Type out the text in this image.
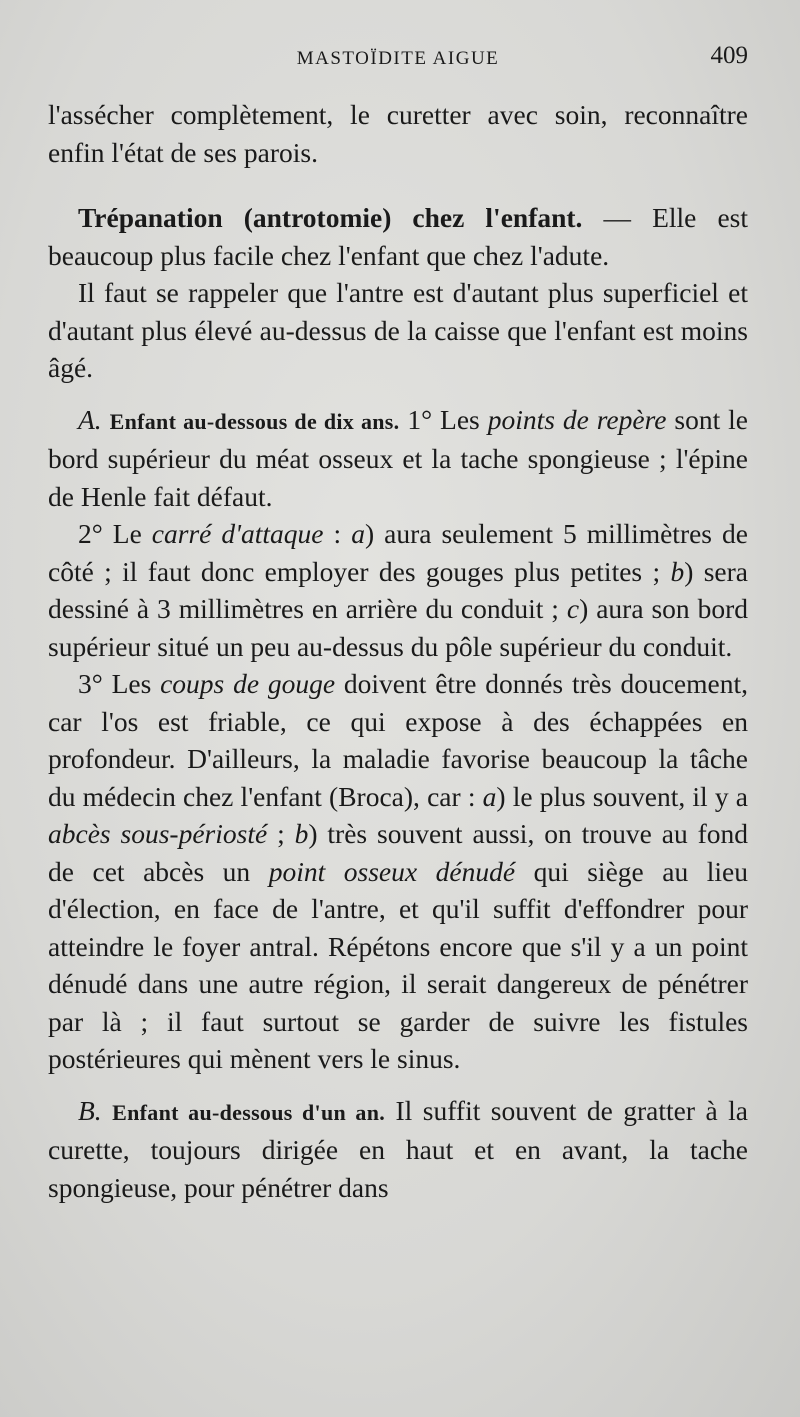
MASTOÏDITE AIGUE	409

l'assécher complètement, le curetter avec soin, reconnaître enfin l'état de ses parois.

Trépanation (antrotomie) chez l'enfant. — Elle est beaucoup plus facile chez l'enfant que chez l'adute.

Il faut se rappeler que l'antre est d'autant plus superficiel et d'autant plus élevé au-dessus de la caisse que l'enfant est moins âgé.

A. Enfant au-dessous de dix ans. 1° Les points de repère sont le bord supérieur du méat osseux et la tache spongieuse ; l'épine de Henle fait défaut.

2° Le carré d'attaque : a) aura seulement 5 millimètres de côté ; il faut donc employer des gouges plus petites ; b) sera dessiné à 3 millimètres en arrière du conduit ; c) aura son bord supérieur situé un peu au-dessus du pôle supérieur du conduit.

3° Les coups de gouge doivent être donnés très doucement, car l'os est friable, ce qui expose à des échappées en profondeur. D'ailleurs, la maladie favorise beaucoup la tâche du médecin chez l'enfant (Broca), car : a) le plus souvent, il y a abcès sous-périosté ; b) très souvent aussi, on trouve au fond de cet abcès un point osseux dénudé qui siège au lieu d'élection, en face de l'antre, et qu'il suffit d'effondrer pour atteindre le foyer antral. Répétons encore que s'il y a un point dénudé dans une autre région, il serait dangereux de pénétrer par là ; il faut surtout se garder de suivre les fistules postérieures qui mènent vers le sinus.

B. Enfant au-dessous d'un an. Il suffit souvent de gratter à la curette, toujours dirigée en haut et en avant, la tache spongieuse, pour pénétrer dans
